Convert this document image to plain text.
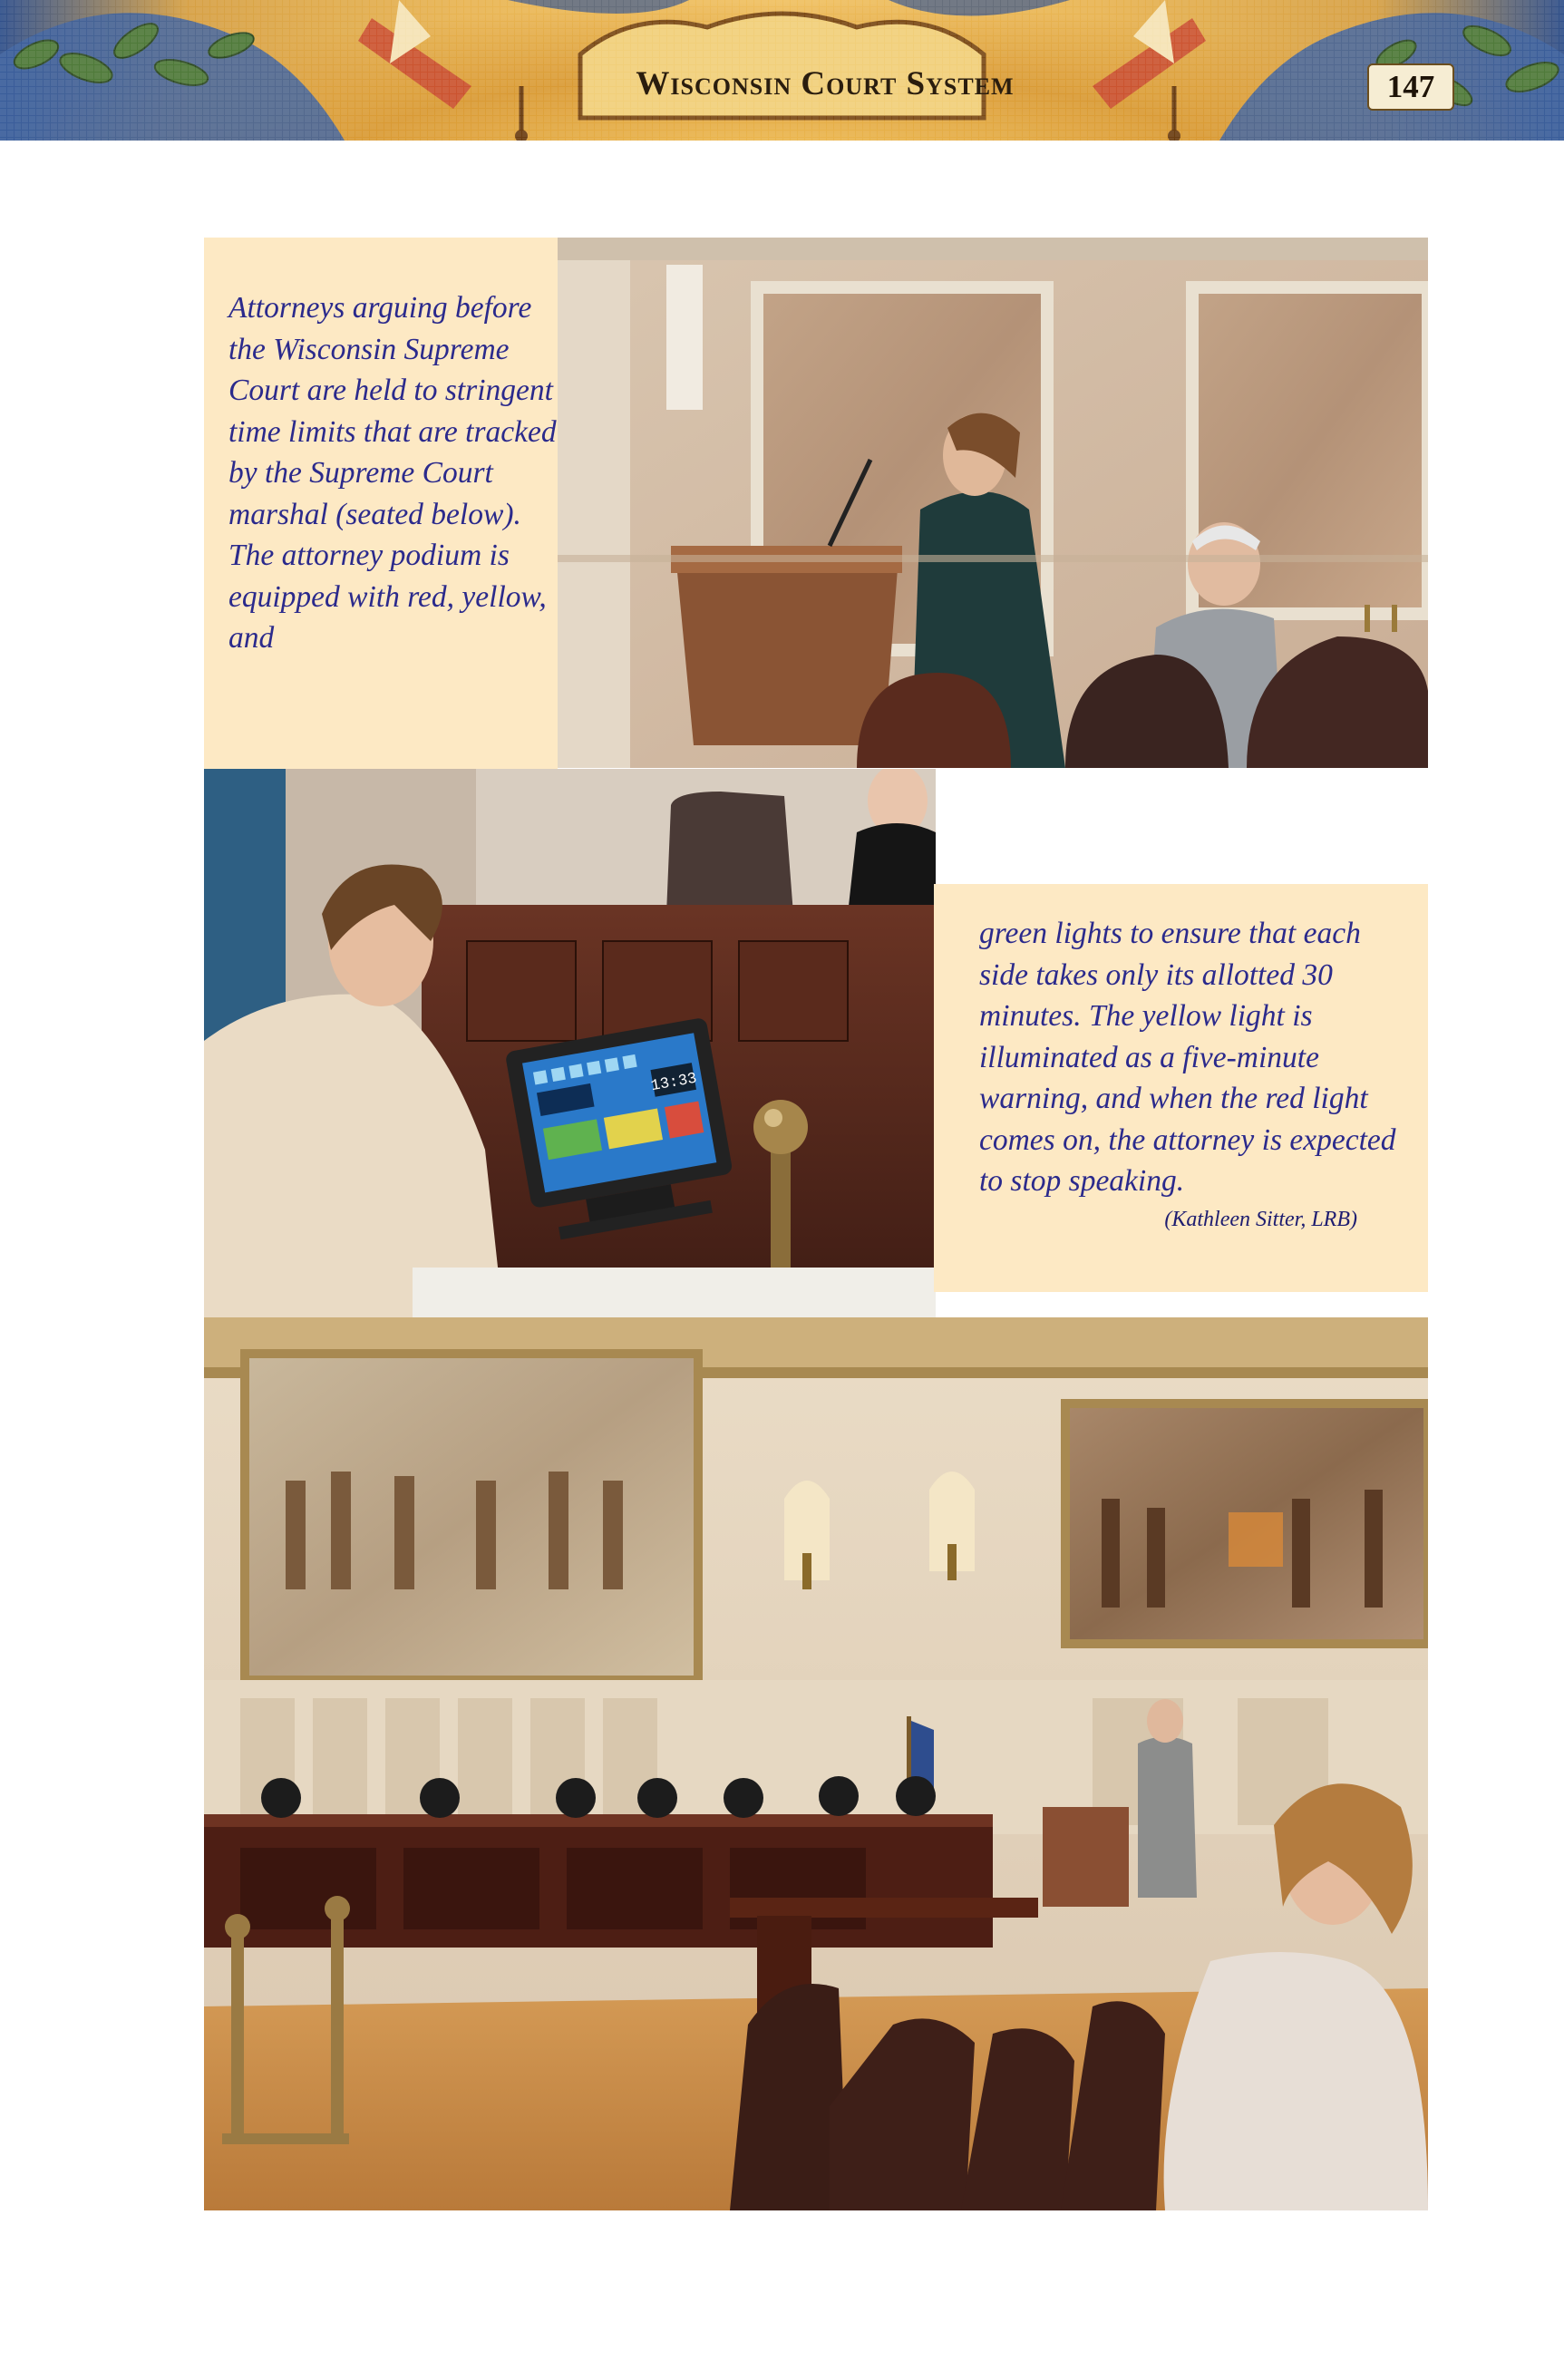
Wisconsin Court System	147

Attorneys arguing before the Wisconsin Supreme Court are held to stringent time limits that are tracked by the Supreme Court marshal (seated below). The attorney podium is equipped with red, yellow, and

13:33

green lights to ensure that each side takes only its allotted 30 minutes. The yellow light is illuminated as a five-minute warning, and when the red light comes on, the attorney is expected to stop speaking.

(Kathleen Sitter, LRB)
